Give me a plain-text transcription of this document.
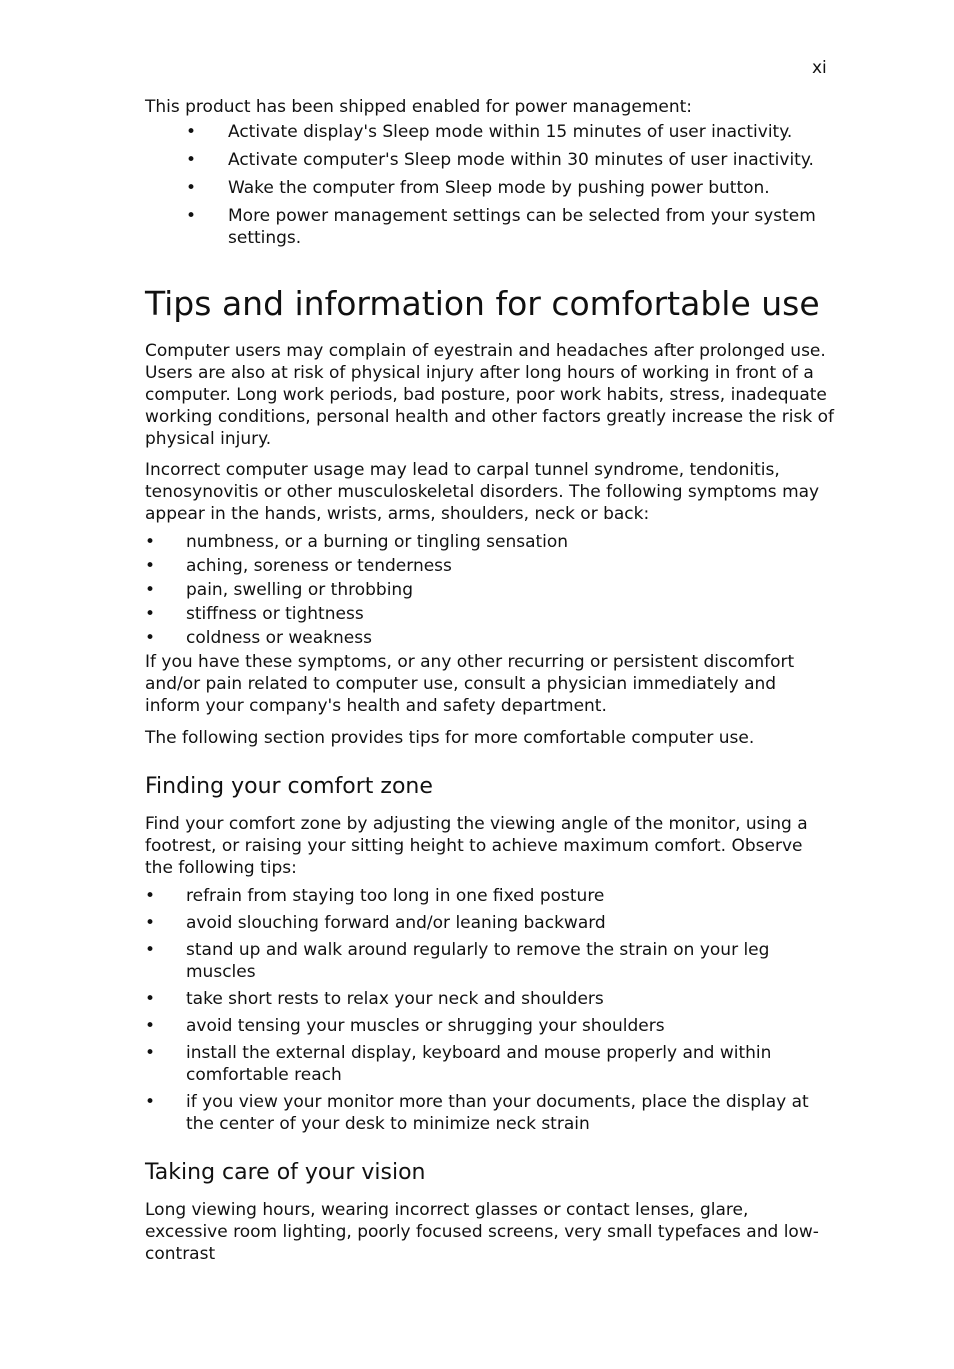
xi

This product has been shipped enabled for power management:

• Activate display's Sleep mode within 15 minutes of user inactivity.
• Activate computer's Sleep mode within 30 minutes of user inactivity.
• Wake the computer from Sleep mode by pushing power button.
• More power management settings can be selected from your system settings.
Tips and information for comfortable use

Computer users may complain of eyestrain and headaches after prolonged use. Users are also at risk of physical injury after long hours of working in front of a computer. Long work periods, bad posture, poor work habits, stress, inadequate working conditions, personal health and other factors greatly increase the risk of physical injury.

Incorrect computer usage may lead to carpal tunnel syndrome, tendonitis, tenosynovitis or other musculoskeletal disorders. The following symptoms may appear in the hands, wrists, arms, shoulders, neck or back:

• numbness, or a burning or tingling sensation
• aching, soreness or tenderness
• pain, swelling or throbbing
• stiffness or tightness
• coldness or weakness

If you have these symptoms, or any other recurring or persistent discomfort and/or pain related to computer use, consult a physician immediately and inform your company's health and safety department.

The following section provides tips for more comfortable computer use.

Finding your comfort zone

Find your comfort zone by adjusting the viewing angle of the monitor, using a footrest, or raising your sitting height to achieve maximum comfort. Observe the following tips:

• refrain from staying too long in one fixed posture
• avoid slouching forward and/or leaning backward
• stand up and walk around regularly to remove the strain on your leg muscles
• take short rests to relax your neck and shoulders
• avoid tensing your muscles or shrugging your shoulders
• install the external display, keyboard and mouse properly and within comfortable reach
• if you view your monitor more than your documents, place the display at the center of your desk to minimize neck strain
Taking care of your vision

Long viewing hours, wearing incorrect glasses or contact lenses, glare, excessive room lighting, poorly focused screens, very small typefaces and low-contrast
